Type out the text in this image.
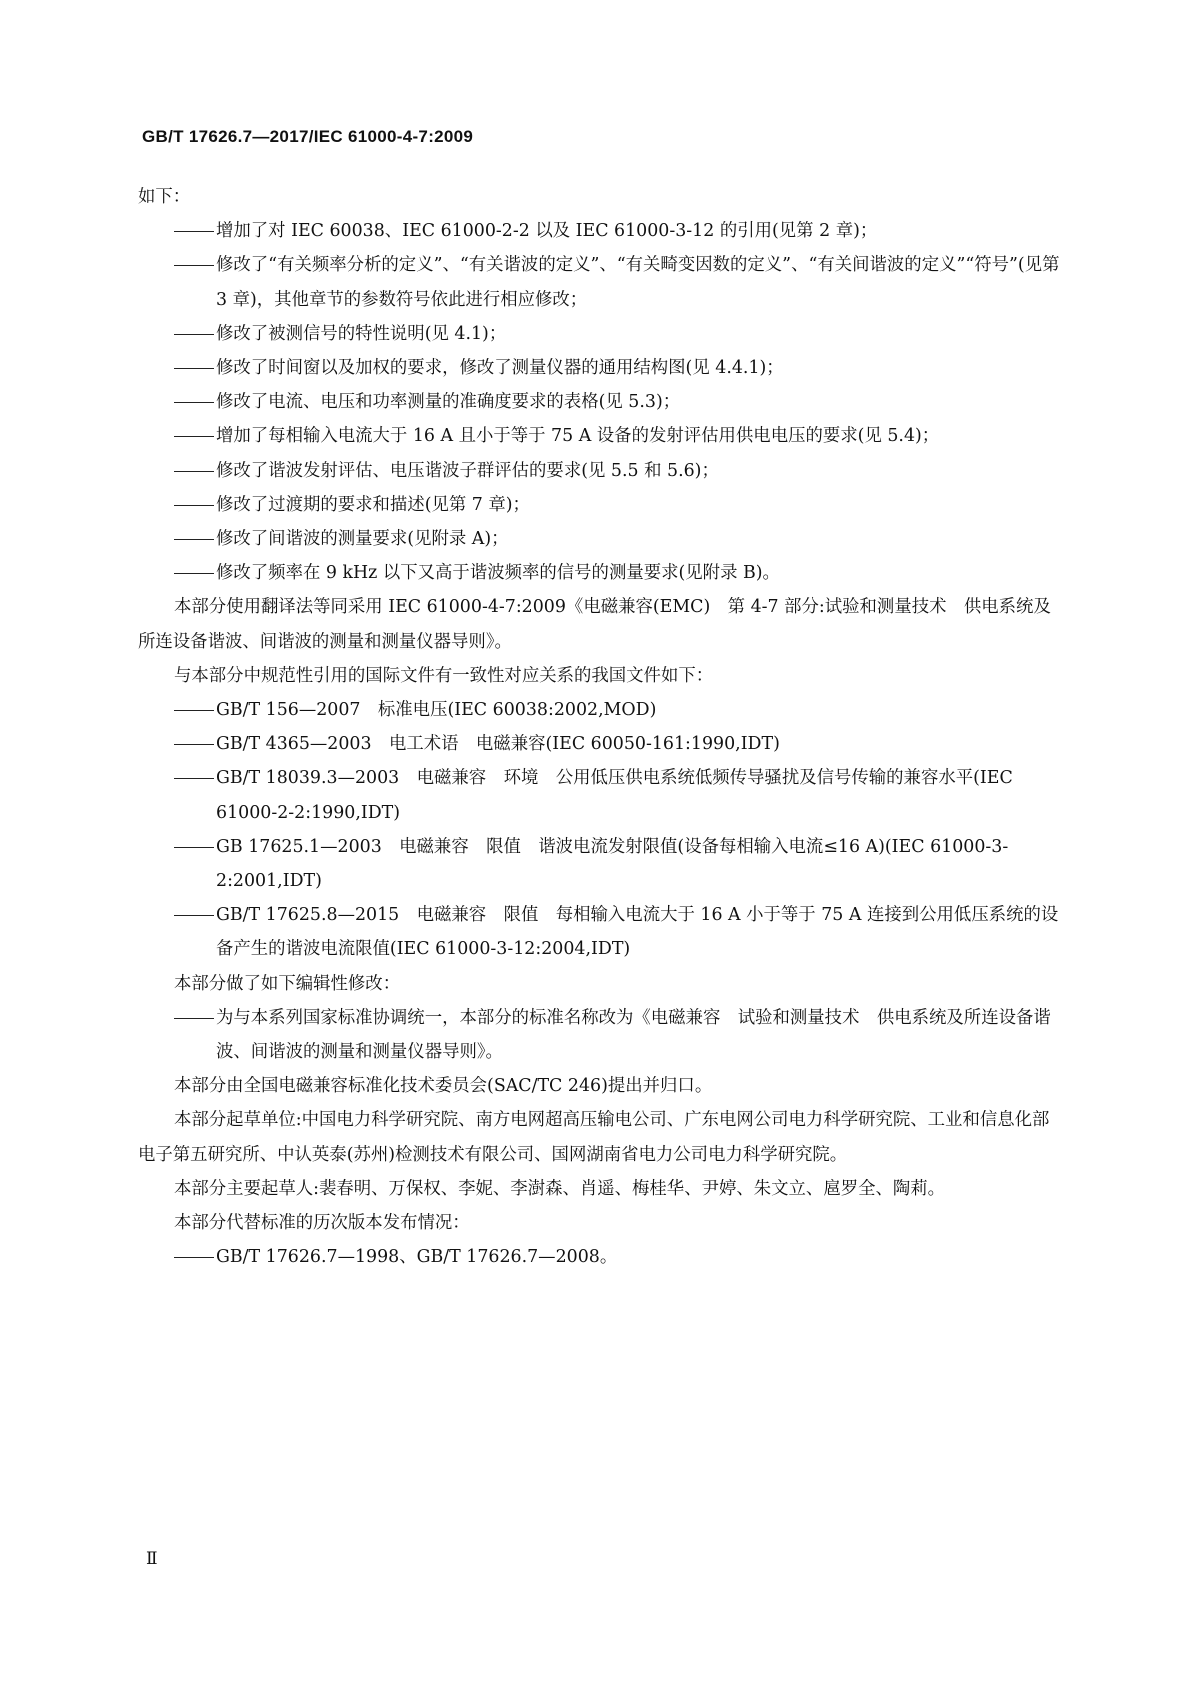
GB/T 17626.7—2017/IEC 61000-4-7:2009
如下：
增加了对 IEC 60038、IEC 61000-2-2 以及 IEC 61000-3-12 的引用(见第 2 章)；
修改了“有关频率分析的定义”、“有关谐波的定义”、“有关畸变因数的定义”、“有关间谐波的定义”“符号”(见第 3 章)，其他章节的参数符号依此进行相应修改；
修改了被测信号的特性说明(见 4.1)；
修改了时间窗以及加权的要求，修改了测量仪器的通用结构图(见 4.4.1)；
修改了电流、电压和功率测量的准确度要求的表格(见 5.3)；
增加了每相输入电流大于 16 A 且小于等于 75 A 设备的发射评估用供电电压的要求(见 5.4)；
修改了谐波发射评估、电压谐波子群评估的要求(见 5.5 和 5.6)；
修改了过渡期的要求和描述(见第 7 章)；
修改了间谐波的测量要求(见附录 A)；
修改了频率在 9 kHz 以下又高于谐波频率的信号的测量要求(见附录 B)。
本部分使用翻译法等同采用 IEC 61000-4-7:2009《电磁兼容(EMC)　第 4-7 部分:试验和测量技术　供电系统及所连设备谐波、间谐波的测量和测量仪器导则》。
与本部分中规范性引用的国际文件有一致性对应关系的我国文件如下：
GB/T 156—2007　标准电压(IEC 60038:2002,MOD)
GB/T 4365—2003　电工术语　电磁兼容(IEC 60050-161:1990,IDT)
GB/T 18039.3—2003　电磁兼容　环境　公用低压供电系统低频传导骚扰及信号传输的兼容水平(IEC 61000-2-2:1990,IDT)
GB 17625.1—2003　电磁兼容　限值　谐波电流发射限值(设备每相输入电流≤16 A)(IEC 61000-3-2:2001,IDT)
GB/T 17625.8—2015　电磁兼容　限值　每相输入电流大于 16 A 小于等于 75 A 连接到公用低压系统的设备产生的谐波电流限值(IEC 61000-3-12:2004,IDT)
本部分做了如下编辑性修改：
为与本系列国家标准协调统一，本部分的标准名称改为《电磁兼容　试验和测量技术　供电系统及所连设备谐波、间谐波的测量和测量仪器导则》。
本部分由全国电磁兼容标准化技术委员会(SAC/TC 246)提出并归口。
本部分起草单位:中国电力科学研究院、南方电网超高压输电公司、广东电网公司电力科学研究院、工业和信息化部电子第五研究所、中认英泰(苏州)检测技术有限公司、国网湖南省电力公司电力科学研究院。
本部分主要起草人:裴春明、万保权、李妮、李澍森、肖遥、梅桂华、尹婷、朱文立、扈罗全、陶莉。
本部分代替标准的历次版本发布情况：
GB/T 17626.7—1998、GB/T 17626.7—2008。
Ⅱ
